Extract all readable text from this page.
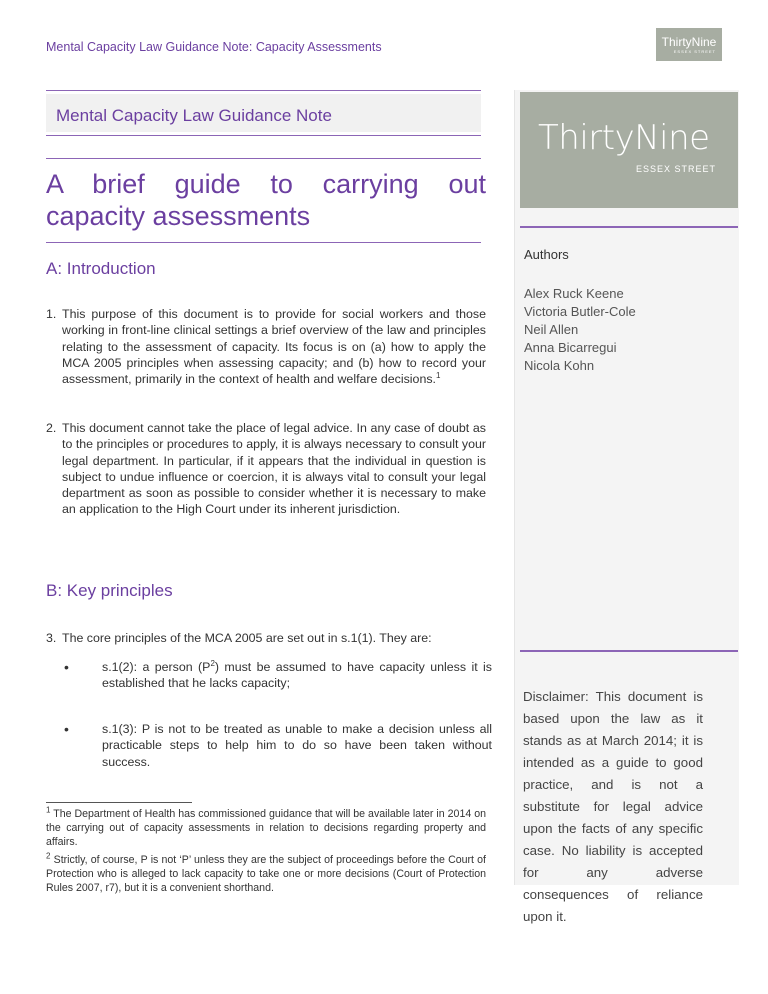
Mental Capacity Law Guidance Note: Capacity Assessments	ThirtyNine
ESSEX STREET
ThirtyNine
ESSEX STREET
Authors
Alex Ruck Keene
Victoria Butler-Cole
Neil Allen
Anna Bicarregui
Nicola Kohn
Disclaimer: This document is based upon the law as it stands as at March 2014; it is intended as a guide to good practice, and is not a substitute for legal advice upon the facts of any specific case. No liability is accepted for any adverse consequences of reliance upon it.
Mental Capacity Law Guidance Note
A brief guide to carrying out
capacity assessments
A: Introduction
1. This purpose of this document is to provide for social workers and those working in front-line clinical settings a brief overview of the law and principles relating to the assessment of capacity. Its focus is on (a) how to apply the MCA 2005 principles when assessing capacity; and (b) how to record your assessment, primarily in the context of health and welfare decisions.$^1$
2. This document cannot take the place of legal advice. In any case of doubt as to the principles or procedures to apply, it is always necessary to consult your legal department. In particular, if it appears that the individual in question is subject to undue influence or coercion, it is always vital to consult your legal department as soon as possible to consider whether it is necessary to make an application to the High Court under its inherent jurisdiction.
B: Key principles
3. The core principles of the MCA 2005 are set out in s.1(1). They are:
•	s.1(2): a person $(P^2)$ must be assumed to have capacity unless it is established that he lacks capacity;
•	s.1(3): P is not to be treated as unable to make a decision unless all practicable steps to help him to do so have been taken without success.
$^1$ The Department of Health has commissioned guidance that will be available later in 2014 on the carrying out of capacity assessments in relation to decisions regarding property and affairs.
$^2$ Strictly, of course, P is not ‘P’ unless they are the subject of proceedings before the Court of Protection who is alleged to lack capacity to take one or more decisions (Court of Protection Rules 2007, r7), but it is a convenient shorthand.
